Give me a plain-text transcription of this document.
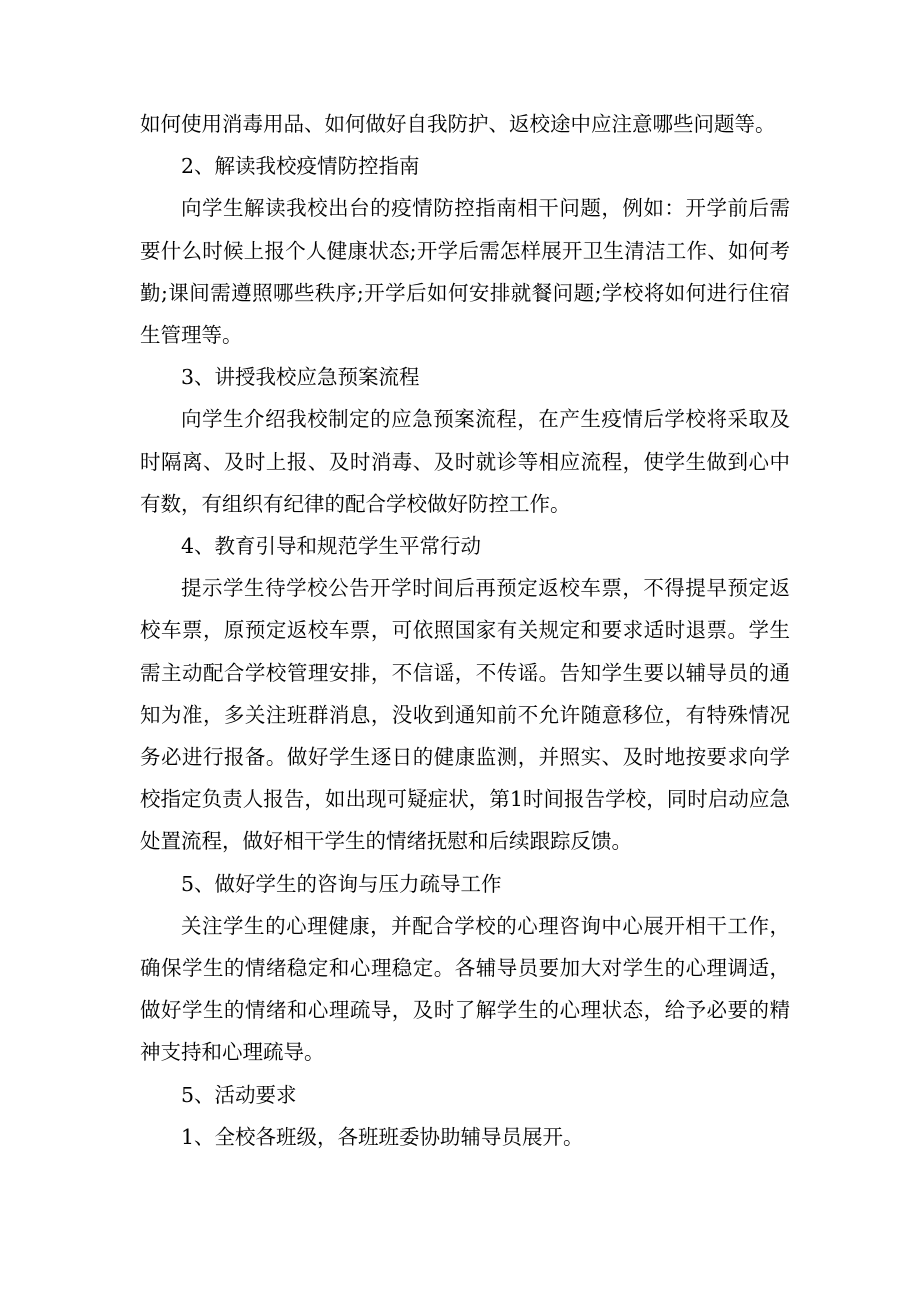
如何使用消毒用品、如何做好自我防护、返校途中应注意哪些问题等。

2、解读我校疫情防控指南

向学生解读我校出台的疫情防控指南相干问题，例如：开学前后需要什么时候上报个人健康状态;开学后需怎样展开卫生清洁工作、如何考勤;课间需遵照哪些秩序;开学后如何安排就餐问题;学校将如何进行住宿生管理等。

3、讲授我校应急预案流程

向学生介绍我校制定的应急预案流程，在产生疫情后学校将采取及时隔离、及时上报、及时消毒、及时就诊等相应流程，使学生做到心中有数，有组织有纪律的配合学校做好防控工作。

4、教育引导和规范学生平常行动

提示学生待学校公告开学时间后再预定返校车票，不得提早预定返校车票，原预定返校车票，可依照国家有关规定和要求适时退票。学生需主动配合学校管理安排，不信谣，不传谣。告知学生要以辅导员的通知为准，多关注班群消息，没收到通知前不允许随意移位，有特殊情况务必进行报备。做好学生逐日的健康监测，并照实、及时地按要求向学校指定负责人报告，如出现可疑症状，第1时间报告学校，同时启动应急处置流程，做好相干学生的情绪抚慰和后续跟踪反馈。

5、做好学生的咨询与压力疏导工作

关注学生的心理健康，并配合学校的心理咨询中心展开相干工作，确保学生的情绪稳定和心理稳定。各辅导员要加大对学生的心理调适，做好学生的情绪和心理疏导，及时了解学生的心理状态，给予必要的精神支持和心理疏导。

5、活动要求

1、全校各班级，各班班委协助辅导员展开。
